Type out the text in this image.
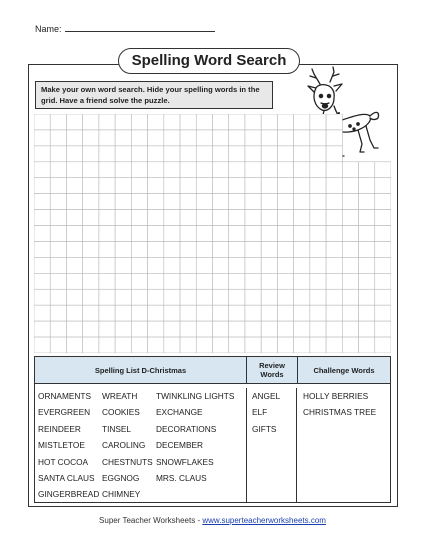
Name:
Spelling Word Search
Make your own word search. Hide your spelling words in the grid. Have a friend solve the puzzle.
Spelling List D-Christmas	Review Words	Challenge Words
ORNAMENTS
EVERGREEN
REINDEER
MISTLETOE
HOT COCOA
SANTA CLAUS
GINGERBREAD
WREATH
COOKIES
TINSEL
CAROLING
CHESTNUTS
EGGNOG
CHIMNEY
TWINKLING LIGHTS
EXCHANGE
DECORATIONS
DECEMBER
SNOWFLAKES
MRS. CLAUS
ANGEL
ELF
GIFTS
HOLLY BERRIES
CHRISTMAS TREE
Super Teacher Worksheets - www.superteacherworksheets.com
